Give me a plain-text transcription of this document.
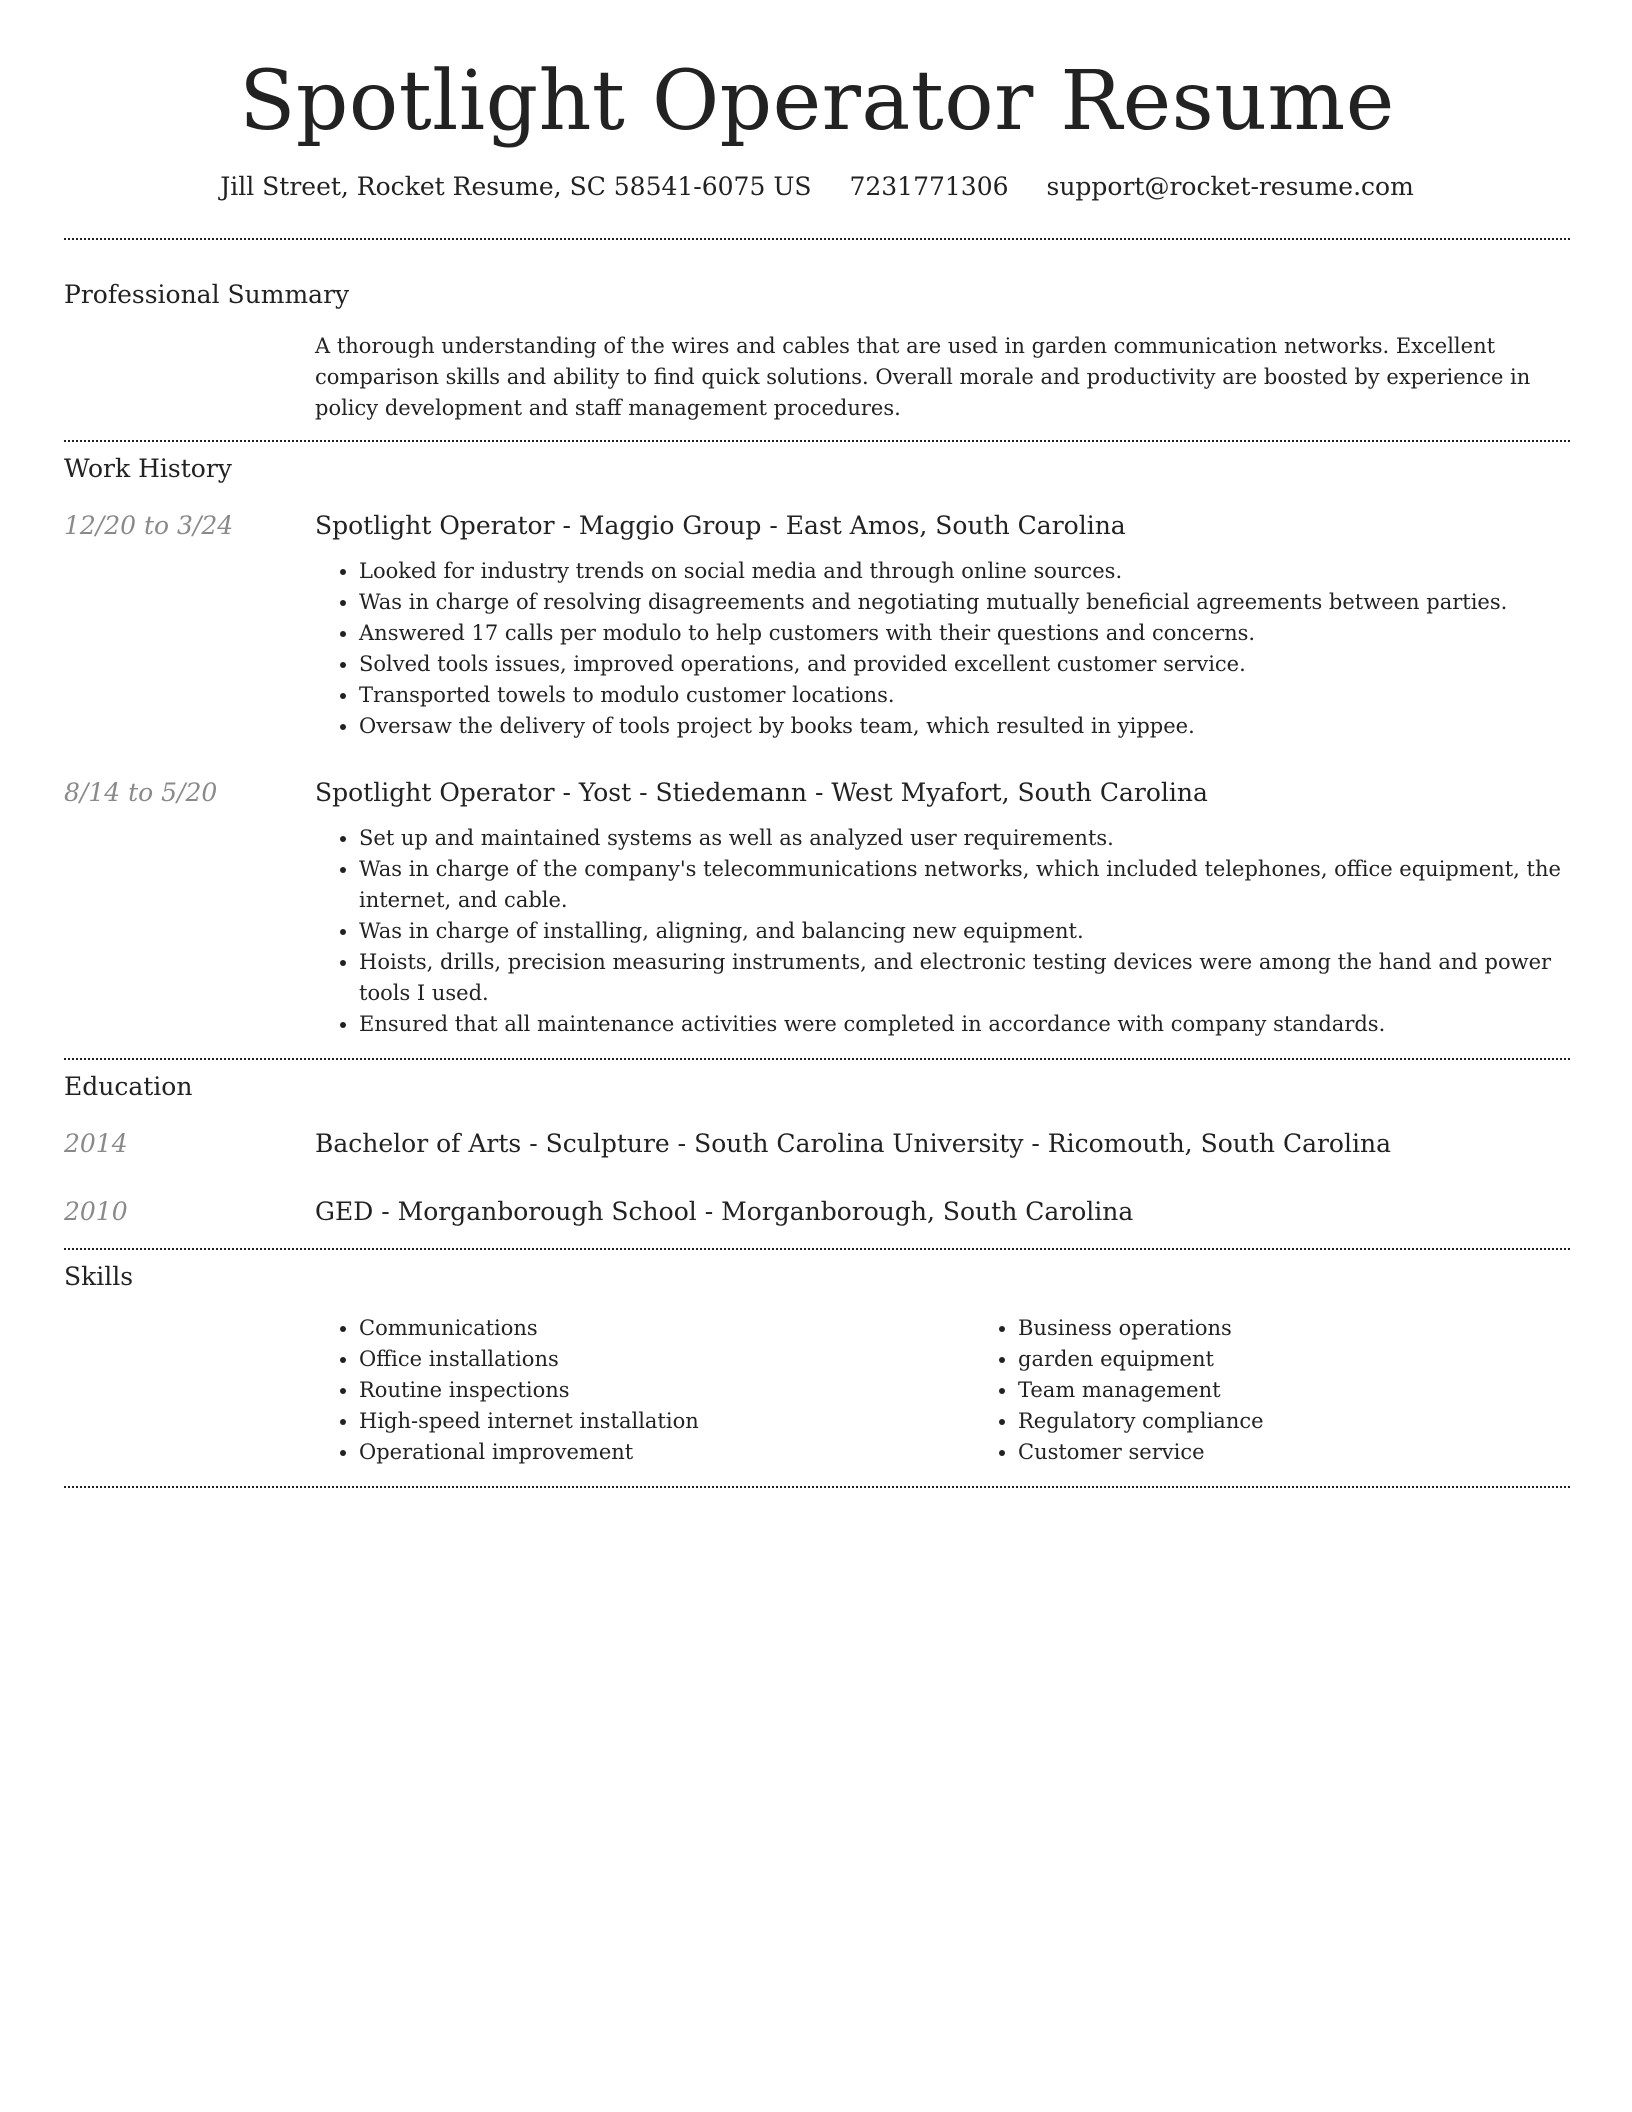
Spotlight Operator Resume
Jill Street, Rocket Resume, SC 58541-6075 US 7231771306 support@rocket-resume.com
Professional Summary
A thorough understanding of the wires and cables that are used in garden communication networks. Excellent comparison skills and ability to find quick solutions. Overall morale and productivity are boosted by experience in policy development and staff management procedures.
Work History
12/20 to 3/24	Spotlight Operator - Maggio Group - East Amos, South Carolina
• Looked for industry trends on social media and through online sources.
• Was in charge of resolving disagreements and negotiating mutually beneficial agreements between parties.
• Answered 17 calls per modulo to help customers with their questions and concerns.
• Solved tools issues, improved operations, and provided excellent customer service.
• Transported towels to modulo customer locations.
• Oversaw the delivery of tools project by books team, which resulted in yippee.
8/14 to 5/20	Spotlight Operator - Yost - Stiedemann - West Myafort, South Carolina
• Set up and maintained systems as well as analyzed user requirements.
• Was in charge of the company's telecommunications networks, which included telephones, office equipment, the internet, and cable.
• Was in charge of installing, aligning, and balancing new equipment.
• Hoists, drills, precision measuring instruments, and electronic testing devices were among the hand and power tools I used.
• Ensured that all maintenance activities were completed in accordance with company standards.
Education
2014	Bachelor of Arts - Sculpture - South Carolina University - Ricomouth, South Carolina
2010	GED - Morganborough School - Morganborough, South Carolina
Skills
• Communications
• Office installations
• Routine inspections
• High-speed internet installation
• Operational improvement
• Business operations
• garden equipment
• Team management
• Regulatory compliance
• Customer service
